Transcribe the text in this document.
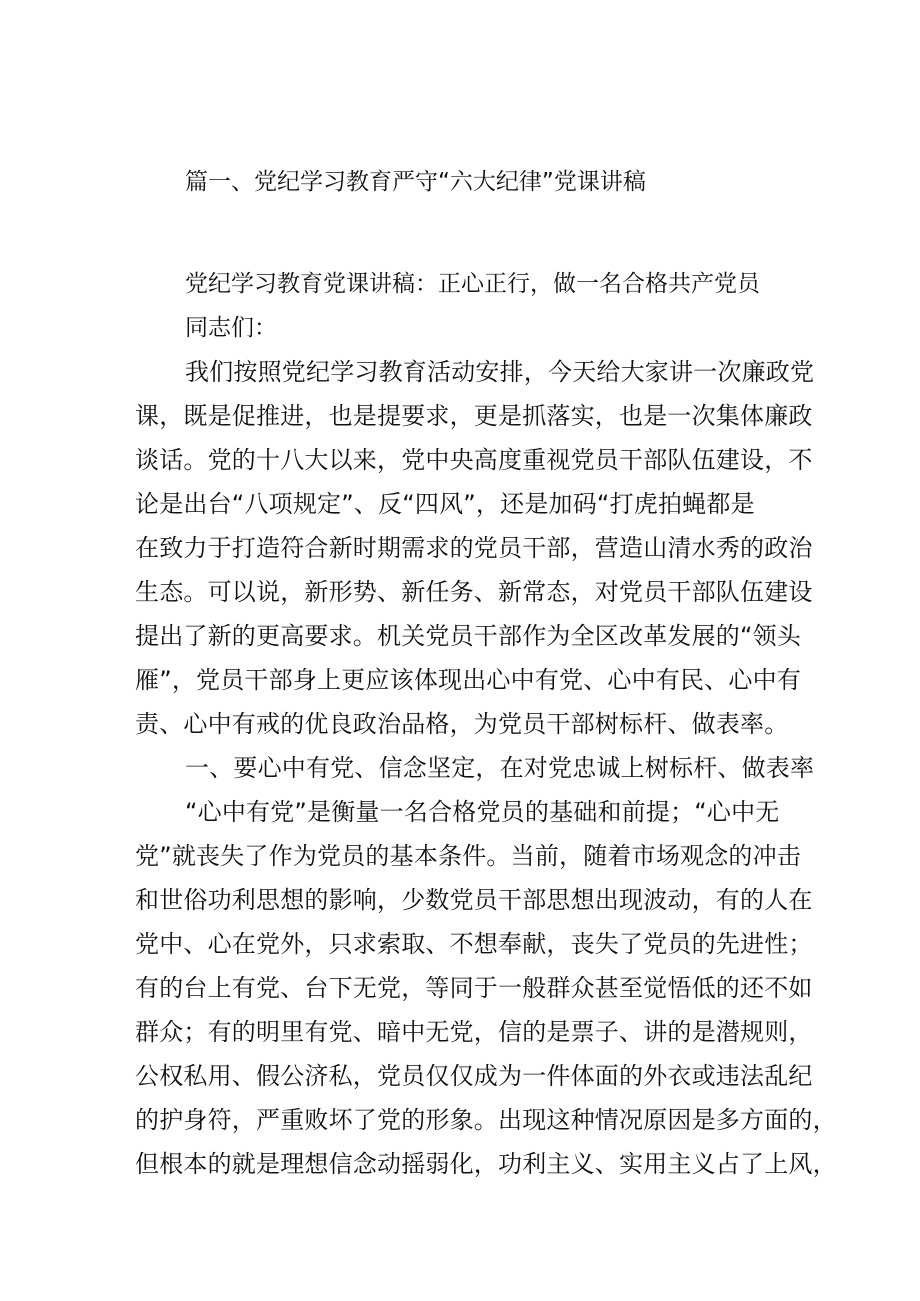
篇一、党纪学习教育严守“六大纪律”党课讲稿
党纪学习教育党课讲稿：正心正行，做一名合格共产党员
同志们：
我们按照党纪学习教育活动安排，今天给大家讲一次廉政党
课，既是促推进，也是提要求，更是抓落实，也是一次集体廉政
谈话。党的十八大以来，党中央高度重视党员干部队伍建设，不
论是出台“八项规定”、反“四风”，还是加码“打虎拍蝇都是
在致力于打造符合新时期需求的党员干部，营造山清水秀的政治
生态。可以说，新形势、新任务、新常态，对党员干部队伍建设
提出了新的更高要求。机关党员干部作为全区改革发展的“领头
雁”，党员干部身上更应该体现出心中有党、心中有民、心中有
责、心中有戒的优良政治品格，为党员干部树标杆、做表率。
一、要心中有党、信念坚定，在对党忠诚上树标杆、做表率
“心中有党”是衡量一名合格党员的基础和前提；“心中无
党”就丧失了作为党员的基本条件。当前，随着市场观念的冲击
和世俗功利思想的影响，少数党员干部思想出现波动，有的人在
党中、心在党外，只求索取、不想奉献，丧失了党员的先进性；
有的台上有党、台下无党，等同于一般群众甚至觉悟低的还不如
群众；有的明里有党、暗中无党，信的是票子、讲的是潜规则，
公权私用、假公济私，党员仅仅成为一件体面的外衣或违法乱纪
的护身符，严重败坏了党的形象。出现这种情况原因是多方面的，
但根本的就是理想信念动摇弱化，功利主义、实用主义占了上风，
